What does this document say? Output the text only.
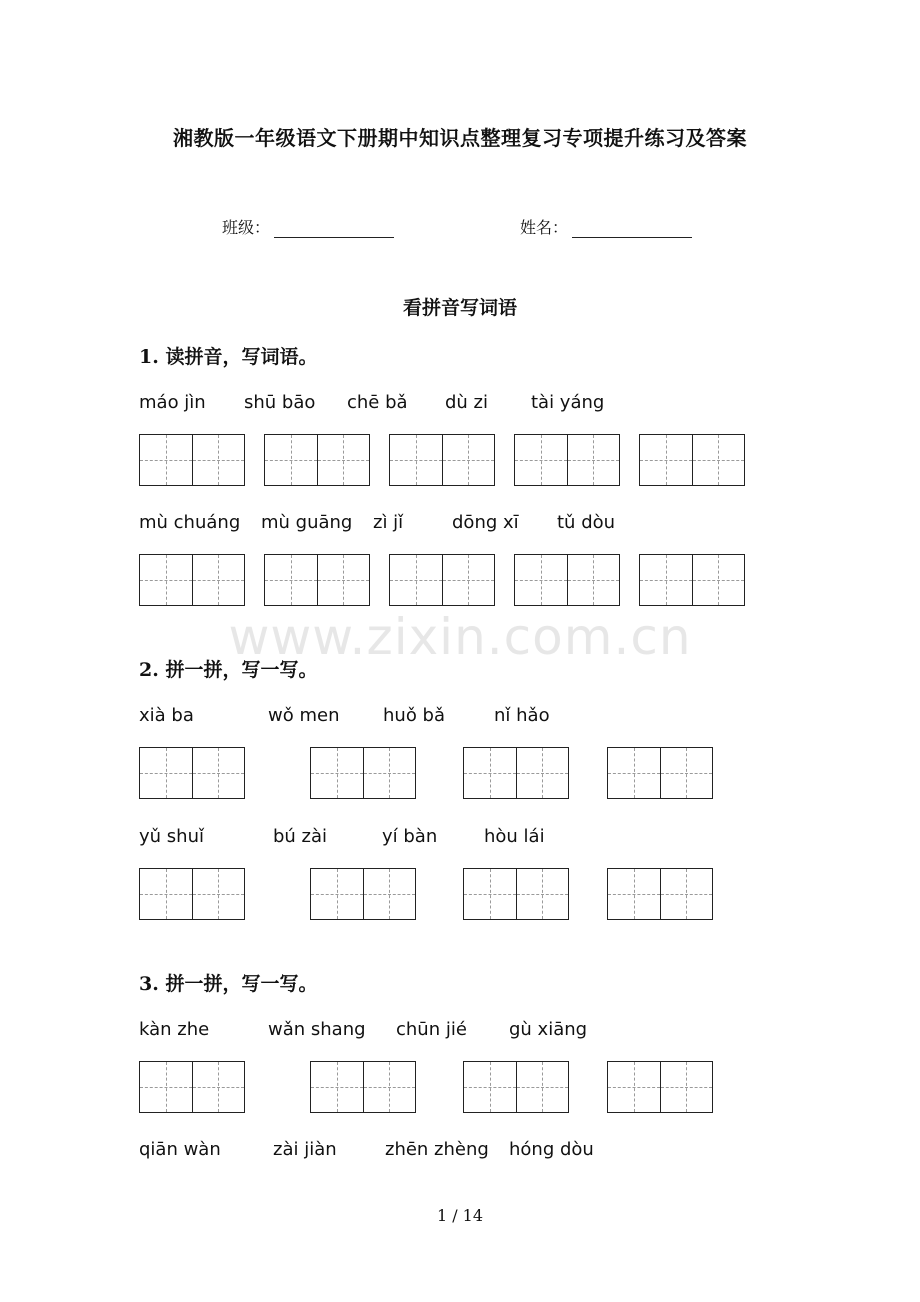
湘教版一年级语文下册期中知识点整理复习专项提升练习及答案
班级：	姓名：
看拼音写词语
1. 读拼音，写词语。
máo jìn shū bāo chē bǎ dù zi tài yáng
mù chuáng mù guāng zì jǐ	dōng xī tǔ dòu
www.zixin.com.cn
2. 拼一拼，写一写。
xià ba	wǒ men huǒ bǎ	nǐ hǎo
yǔ shuǐ	bú zài	yí bàn	hòu lái
3. 拼一拼，写一写。
kàn zhe	wǎn shang chūn jié gù xiāng
qiān wàn	zài jiàn	zhēn zhèng hóng dòu
1 / 14
